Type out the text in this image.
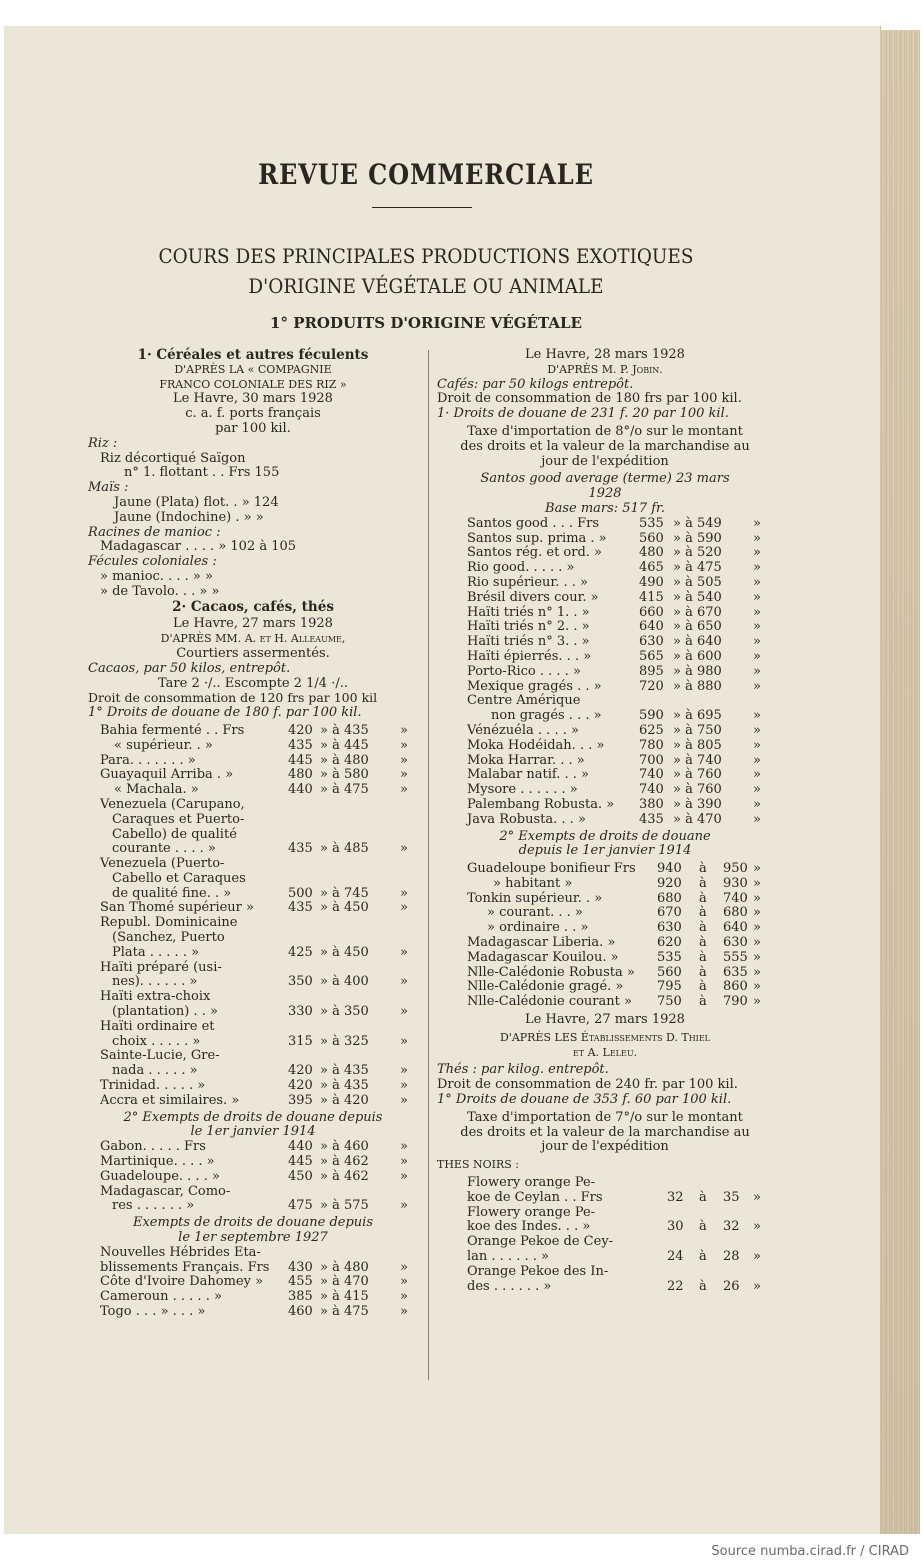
REVUE COMMERCIALE
COURS DES PRINCIPALES PRODUCTIONS EXOTIQUES
D'ORIGINE VÉGÉTALE OU ANIMALE
1° PRODUITS D'ORIGINE VÉGÉTALE
1· Céréales et autres féculents
D'APRÈS LA « COMPAGNIE
FRANCO COLONIALE DES RIZ »
Le Havre, 30 mars 1928
c. a. f. ports français
par 100 kil.
Riz :
Riz décortiqué Saïgon
n° 1. flottant . . Frs 155
Maïs :
Jaune (Plata) flot. . » 124
Jaune (Indochine) . » »
Racines de manioc :
Madagascar . . . . » 102 à 105
Fécules coloniales :
» manioc. . . . » »
» de Tavolo. . . » »
2· Cacaos, cafés, thés
Le Havre, 27 mars 1928
D'APRÈS MM. A. et H. Alleaume,
Courtiers assermentés.
Cacaos, par 50 kilos, entrepôt.
Tare 2 ·/.. Escompte 2 1/4 ·/..
Droit de consommation de 120 frs par 100 kil
1° Droits de douane de 180 f. par 100 kil.
Bahia fermenté . . Frs	420 » à 435 »
« supérieur. . »	435 » à 445 »
Para. . . . . . . »	445 » à 480 »
Guayaquil Arriba . »	480 » à 580 »
« Machala. »	440 » à 475 »
Venezuela (Carupano,
Caraques et Puerto-
Cabello) de qualité
courante . . . . »	435 » à 485 »
Venezuela (Puerto-
Cabello et Caraques
de qualité fine. . »	500 » à 745 »
San Thomé supérieur »	435 » à 450 »
Republ. Dominicaine
(Sanchez, Puerto
Plata . . . . . »	425 » à 450 »
Haïti préparé (usi-
nes). . . . . . »	350 » à 400 »
Haïti extra-choix
(plantation) . . »	330 » à 350 »
Haïti ordinaire et
choix . . . . . »	315 » à 325 »
Sainte-Lucie, Gre-
nada . . . . . »	420 » à 435 »
Trinidad. . . . . »	420 » à 435 »
Accra et similaires. »	395 » à 420 »
2° Exempts de droits de douane depuis
le 1er janvier 1914
Gabon. . . . . Frs	440 » à 460 »
Martinique. . . . »	445 » à 462 »
Guadeloupe. . . . »	450 » à 462 »
Madagascar, Como-
res . . . . . . »	475 » à 575 »
Exempts de droits de douane depuis
le 1er septembre 1927
Nouvelles Hébrides Eta-
blissements Français. Frs 430 » à 480 »
Côte d'Ivoire Dahomey » 455 » à 470 »
Cameroun . . . . . »	385 » à 415 »
Togo . . . » . . . »	460 » à 475 »
Le Havre, 28 mars 1928
D'APRÈS M. P. Jobin.
Cafés: par 50 kilogs entrepôt.
Droit de consommation de 180 frs par 100 kil.
1· Droits de douane de 231 f. 20 par 100 kil.
Taxe d'importation de 8°/o sur le montant
des droits et la valeur de la marchandise au
jour de l'expédition
Santos good average (terme) 23 mars
1928
Base mars: 517 fr.
Santos good . . . Frs	535 » à 549 »
Santos sup. prima . » 560 » à 590 »
Santos rég. et ord. »	480 » à 520 »
Rio good. . . . . »	465 » à 475 »
Rio supérieur. . . »	490 » à 505 »
Brésil divers cour. »	415 » à 540 »
Haïti triés n° 1. . »	660 » à 670 »
Haïti triés n° 2. . »	640 » à 650 »
Haïti triés n° 3. . »	630 » à 640 »
Haïti épierrés. . . »	565 » à 600 »
Porto-Rico . . . . »	895 » à 980 »
Mexique gragés . . »	720 » à 880 »
Centre Amérique
non gragés . . . »	590 » à 695 »
Vénézuéla . . . . »	625 » à 750 »
Moka Hodéidah. . . »	780 » à 805 »
Moka Harrar. . . »	700 » à 740 »
Malabar natif. . . »	740 » à 760 »
Mysore . . . . . . »	740 » à 760 »
Palembang Robusta. » 380 » à 390 »
Java Robusta. . . »	435 » à 470 »
2° Exempts de droits de douane
depuis le 1er janvier 1914
Guadeloupe bonifieur Frs 940 à 950 »
» habitant »	920 à 930 »
Tonkin supérieur. . »	680 à 740 »
» courant. . . »	670 à 680 »
» ordinaire . . »	630 à 640 »
Madagascar Liberia. »	620 à 630 »
Madagascar Kouilou. »	535 à 555 »
Nlle-Calédonie Robusta » 560 à 635 »
Nlle-Calédonie gragé. »	795 à 860 »
Nlle-Calédonie courant » 750 à 790 »
Le Havre, 27 mars 1928
D'APRÈS LES Établissements D. Thiel
et A. Leleu.
Thés : par kilog. entrepôt.
Droit de consommation de 240 fr. par 100 kil.
1° Droits de douane de 353 f. 60 par 100 kil.
Taxe d'importation de 7°/o sur le montant
des droits et la valeur de la marchandise au
jour de l'expédition
THES NOIRS :
Flowery orange Pe-
koe de Ceylan . . Frs	32 à 35 »
Flowery orange Pe-
koe des Indes. . . »	30 à 32 »
Orange Pekoe de Cey-
lan . . . . . . »	24 à 28 »
Orange Pekoe des In-
des . . . . . . »	22 à 26 »
Source numba.cirad.fr / CIRAD
